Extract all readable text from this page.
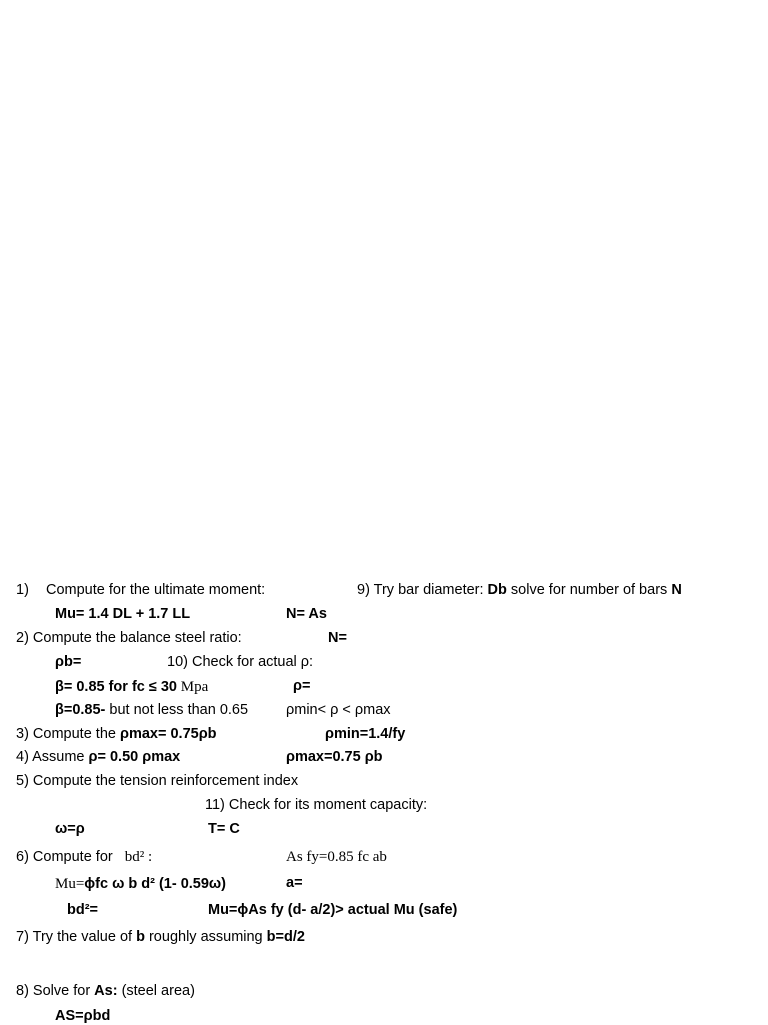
1) Compute for the ultimate moment:
Mu= 1.4 DL + 1.7 LL
2) Compute the balance steel ratio:
ρb=
β= 0.85 for fc ≤ 30 Mpa
β=0.85- but not less than 0.65
3) Compute the ρmax= 0.75ρb
4) Assume ρ= 0.50 ρmax
5) Compute the tension reinforcement index
ω=ρ
6) Compute for bd² :
Mu=ϕfc ω b d² (1- 0.59ω)
bd²=
7) Try the value of b roughly assuming b=d/2
8) Solve for As: (steel area)
AS=ρbd
9) Try bar diameter: Db solve for number of bars N
N= As
N=
10) Check for actual ρ:
ρ=
ρmin< ρ < ρmax
ρmin=1.4/fy
ρmax=0.75 ρb
11) Check for its moment capacity:
T= C
As fy=0.85 fc ab
a=
Mu=ϕAs fy (d- a/2)> actual Mu (safe)
